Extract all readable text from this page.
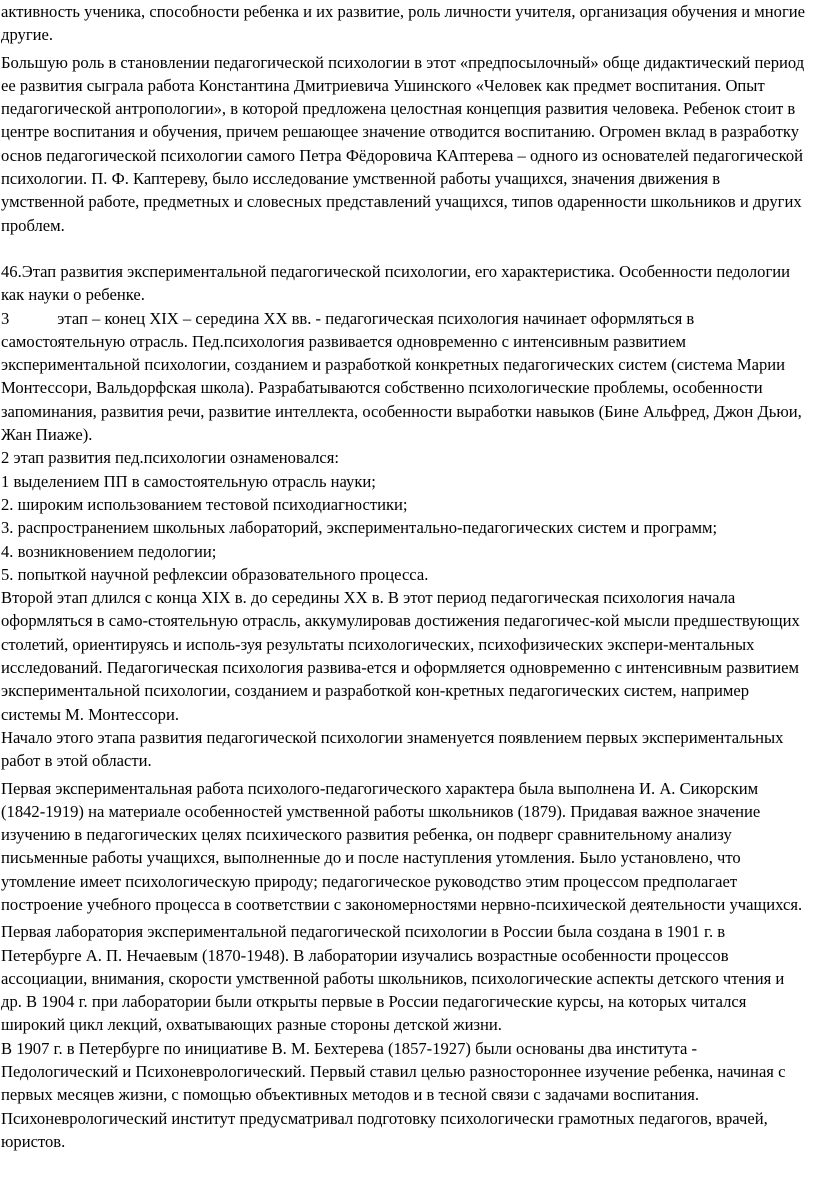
активность ученика, способности ребенка и их развитие, роль личности учителя, организация обучения и многие другие.

Большую роль в становлении педагогической психологии в этот «предпосылочный» обще дидактический период ее развития сыграла работа Константина Дмитриевича Ушинского «Человек как предмет воспитания. Опыт педагогической антропологии», в которой предложена целостная концепция развития человека. Ребенок стоит в центре воспитания и обучения, причем решающее значение отводится воспитанию. Огромен вклад в разработку основ педагогической психологии самого Петра Фёдоровича КАптерева – одного из основателей педагогической психологии. П. Ф. Каптереву, было исследование умственной работы учащихся, значения движения в умственной работе, предметных и словесных представлений учащихся, типов одаренности школьников и других проблем.

46.Этап развития экспериментальной педагогической психологии, его характеристика. Особенности педологии как науки о ребенке.

3	этап – конец XIX – середина XX вв. - педагогическая психология начинает оформляться в самостоятельную отрасль. Пед.психология развивается одновременно с интенсивным развитием экспериментальной психологии, созданием и разработкой конкретных педагогических систем (система Марии Монтессори, Вальдорфская школа). Разрабатываются собственно психологические проблемы, особенности запоминания, развития речи, развитие интеллекта, особенности выработки навыков (Бине Альфред, Джон Дьюи, Жан Пиаже).

2 этап развития пед.психологии ознаменовался:

1 выделением ПП в самостоятельную отрасль науки;

2. широким использованием тестовой психодиагностики;

3. распространением школьных лабораторий, экспериментально-педагогических систем и программ;

4. возникновением педологии;

5. попыткой научной рефлексии образовательного процесса.

Второй этап длился с конца XIX в. до середины XX в. В этот период педагогическая психология начала оформляться в само-стоятельную отрасль, аккумулировав достижения педагогичес-кой мысли предшествующих столетий, ориентируясь и исполь-зуя результаты психологических, психофизических экспери-ментальных исследований. Педагогическая психология развива-ется и оформляется одновременно с интенсивным развитием экспериментальной психологии, созданием и разработкой кон-кретных педагогических систем, например системы М. Монтессори.

Начало этого этапа развития педагогической психологии знаменуется появлением первых экспериментальных работ в этой области.

Первая экспериментальная работа психолого-педагогического характера была выполнена И. А. Сикорским (1842-1919) на материале особенностей умственной работы школьников (1879). Придавая важное значение изучению в педагогических целях психического развития ребенка, он подверг сравнительному анализу письменные работы учащихся, выполненные до и после наступления утомления. Было установлено, что утомление имеет психологическую природу; педагогическое руководство этим процессом предполагает построение учебного процесса в соответствии с закономерностями нервно-психической деятельности учащихся.

Первая лаборатория экспериментальной педагогической психологии в России была создана в 1901 г. в Петербурге А. П. Нечаевым (1870-1948). В лаборатории изучались возрастные особенности процессов ассоциации, внимания, скорости умственной работы школьников, психологические аспекты детского чтения и др. В 1904 г. при лаборатории были открыты первые в России педагогические курсы, на которых читался широкий цикл лекций, охватывающих разные стороны детской жизни.

В 1907 г. в Петербурге по инициативе В. М. Бехтерева (1857-1927) были основаны два института - Педологический и Психоневрологический. Первый ставил целью разностороннее изучение ребенка, начиная с первых месяцев жизни, с помощью объективных методов и в тесной связи с задачами воспитания. Психоневрологический институт предусматривал подготовку психологически грамотных педагогов, врачей, юристов.
